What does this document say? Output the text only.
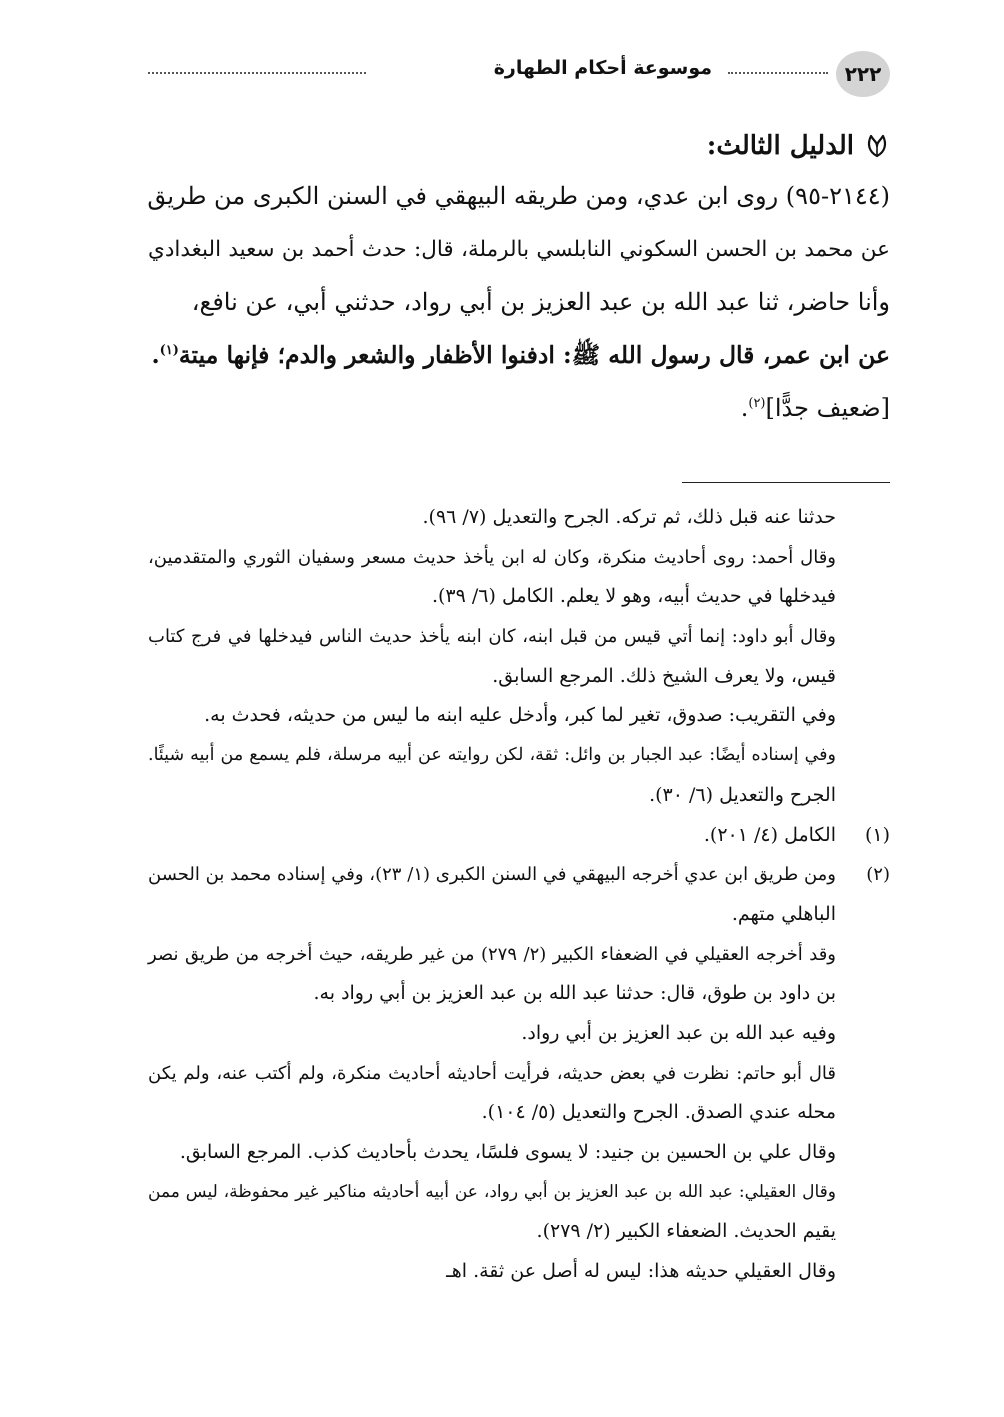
٢٢٢
موسوعة أحكام الطهارة
الدليل الثالث:
(٢١٤٤-٩٥) روى ابن عدي، ومن طريقه البيهقي في السنن الكبرى من طريق
عن محمد بن الحسن السكوني النابلسي بالرملة، قال: حدث أحمد بن سعيد البغدادي
وأنا حاضر، ثنا عبد الله بن عبد العزيز بن أبي رواد، حدثني أبي، عن نافع،
عن ابن عمر، قال رسول الله ﷺ: ادفنوا الأظفار والشعر والدم؛ فإنها ميتة$^{(١)}$.
[ضعيف جدًّا]$^{(٢)}$.
حدثنا عنه قبل ذلك، ثم تركه. الجرح والتعديل (٧/ ٩٦).
وقال أحمد: روى أحاديث منكرة، وكان له ابن يأخذ حديث مسعر وسفيان الثوري والمتقدمين،
فيدخلها في حديث أبيه، وهو لا يعلم. الكامل (٦/ ٣٩).
وقال أبو داود: إنما أتي قيس من قبل ابنه، كان ابنه يأخذ حديث الناس فيدخلها في فرج كتاب
قيس، ولا يعرف الشيخ ذلك. المرجع السابق.
وفي التقريب: صدوق، تغير لما كبر، وأدخل عليه ابنه ما ليس من حديثه، فحدث به.
وفي إسناده أيضًا: عبد الجبار بن وائل: ثقة، لكن روايته عن أبيه مرسلة، فلم يسمع من أبيه شيئًا.
الجرح والتعديل (٦/ ٣٠).
(١)
الكامل (٤/ ٢٠١).
(٢)
ومن طريق ابن عدي أخرجه البيهقي في السنن الكبرى (١/ ٢٣)، وفي إسناده محمد بن الحسن
الباهلي متهم.
وقد أخرجه العقيلي في الضعفاء الكبير (٢/ ٢٧٩) من غير طريقه، حيث أخرجه من طريق نصر
بن داود بن طوق، قال: حدثنا عبد الله بن عبد العزيز بن أبي رواد به.
وفيه عبد الله بن عبد العزيز بن أبي رواد.
قال أبو حاتم: نظرت في بعض حديثه، فرأيت أحاديثه أحاديث منكرة، ولم أكتب عنه، ولم يكن
محله عندي الصدق. الجرح والتعديل (٥/ ١٠٤).
وقال علي بن الحسين بن جنيد: لا يسوى فلسًا، يحدث بأحاديث كذب. المرجع السابق.
وقال العقيلي: عبد الله بن عبد العزيز بن أبي رواد، عن أبيه أحاديثه مناكير غير محفوظة، ليس ممن
يقيم الحديث. الضعفاء الكبير (٢/ ٢٧٩).
وقال العقيلي حديثه هذا: ليس له أصل عن ثقة. اهـ
